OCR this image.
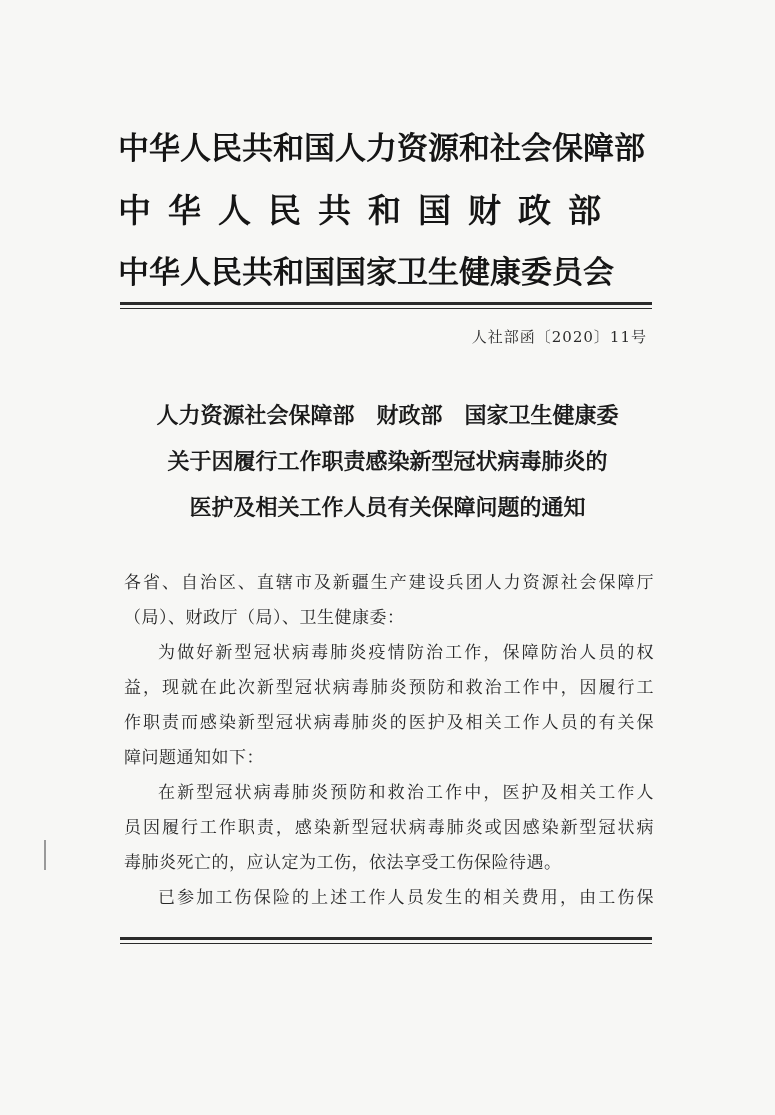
中华人民共和国人力资源和社会保障部
中华人民共和国财政部
中华人民共和国国家卫生健康委员会
人社部函〔2020〕11号
人力资源社会保障部　财政部　国家卫生健康委
关于因履行工作职责感染新型冠状病毒肺炎的
医护及相关工作人员有关保障问题的通知
各省、自治区、直辖市及新疆生产建设兵团人力资源社会保障厅
（局）、财政厅（局）、卫生健康委：
为做好新型冠状病毒肺炎疫情防治工作，保障防治人员的权
益，现就在此次新型冠状病毒肺炎预防和救治工作中，因履行工
作职责而感染新型冠状病毒肺炎的医护及相关工作人员的有关保
障问题通知如下：
在新型冠状病毒肺炎预防和救治工作中，医护及相关工作人
员因履行工作职责，感染新型冠状病毒肺炎或因感染新型冠状病
毒肺炎死亡的，应认定为工伤，依法享受工伤保险待遇。
已参加工伤保险的上述工作人员发生的相关费用，由工伤保
